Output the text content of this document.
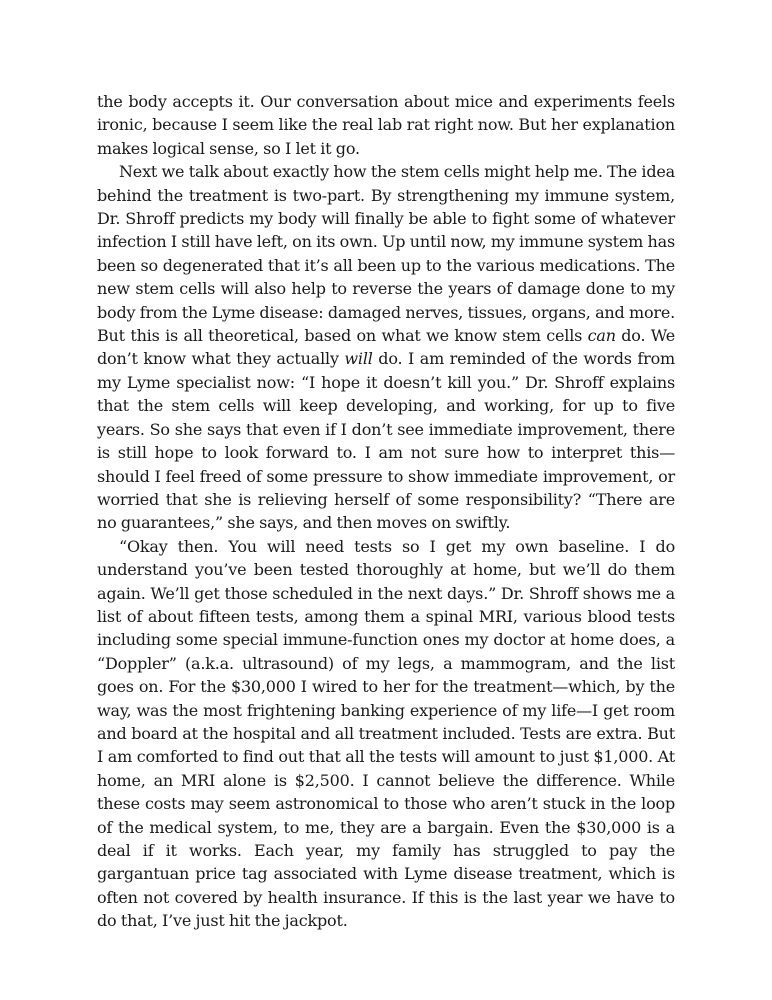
the body accepts it. Our conversation about mice and experiments feels ironic, because I seem like the real lab rat right now. But her explanation makes logical sense, so I let it go.

Next we talk about exactly how the stem cells might help me. The idea behind the treatment is two-part. By strengthening my immune system, Dr. Shroff predicts my body will finally be able to fight some of whatever infection I still have left, on its own. Up until now, my immune system has been so degenerated that it’s all been up to the various medications. The new stem cells will also help to reverse the years of damage done to my body from the Lyme disease: damaged nerves, tissues, organs, and more. But this is all theoretical, based on what we know stem cells can do. We don’t know what they actually will do. I am reminded of the words from my Lyme specialist now: “I hope it doesn’t kill you.” Dr. Shroff explains that the stem cells will keep developing, and working, for up to five years. So she says that even if I don’t see immediate improvement, there is still hope to look forward to. I am not sure how to interpret this—should I feel freed of some pressure to show immediate improvement, or worried that she is relieving herself of some responsibility? “There are no guarantees,” she says, and then moves on swiftly.

“Okay then. You will need tests so I get my own baseline. I do understand you’ve been tested thoroughly at home, but we’ll do them again. We’ll get those scheduled in the next days.” Dr. Shroff shows me a list of about fifteen tests, among them a spinal MRI, various blood tests including some special immune-function ones my doctor at home does, a “Doppler” (a.k.a. ultrasound) of my legs, a mammogram, and the list goes on. For the $30,000 I wired to her for the treatment—which, by the way, was the most frightening banking experience of my life—I get room and board at the hospital and all treatment included. Tests are extra. But I am comforted to find out that all the tests will amount to just $1,000. At home, an MRI alone is $2,500. I cannot believe the difference. While these costs may seem astronomical to those who aren’t stuck in the loop of the medical system, to me, they are a bargain. Even the $30,000 is a deal if it works. Each year, my family has struggled to pay the gargantuan price tag associated with Lyme disease treatment, which is often not covered by health insurance. If this is the last year we have to do that, I’ve just hit the jackpot.
